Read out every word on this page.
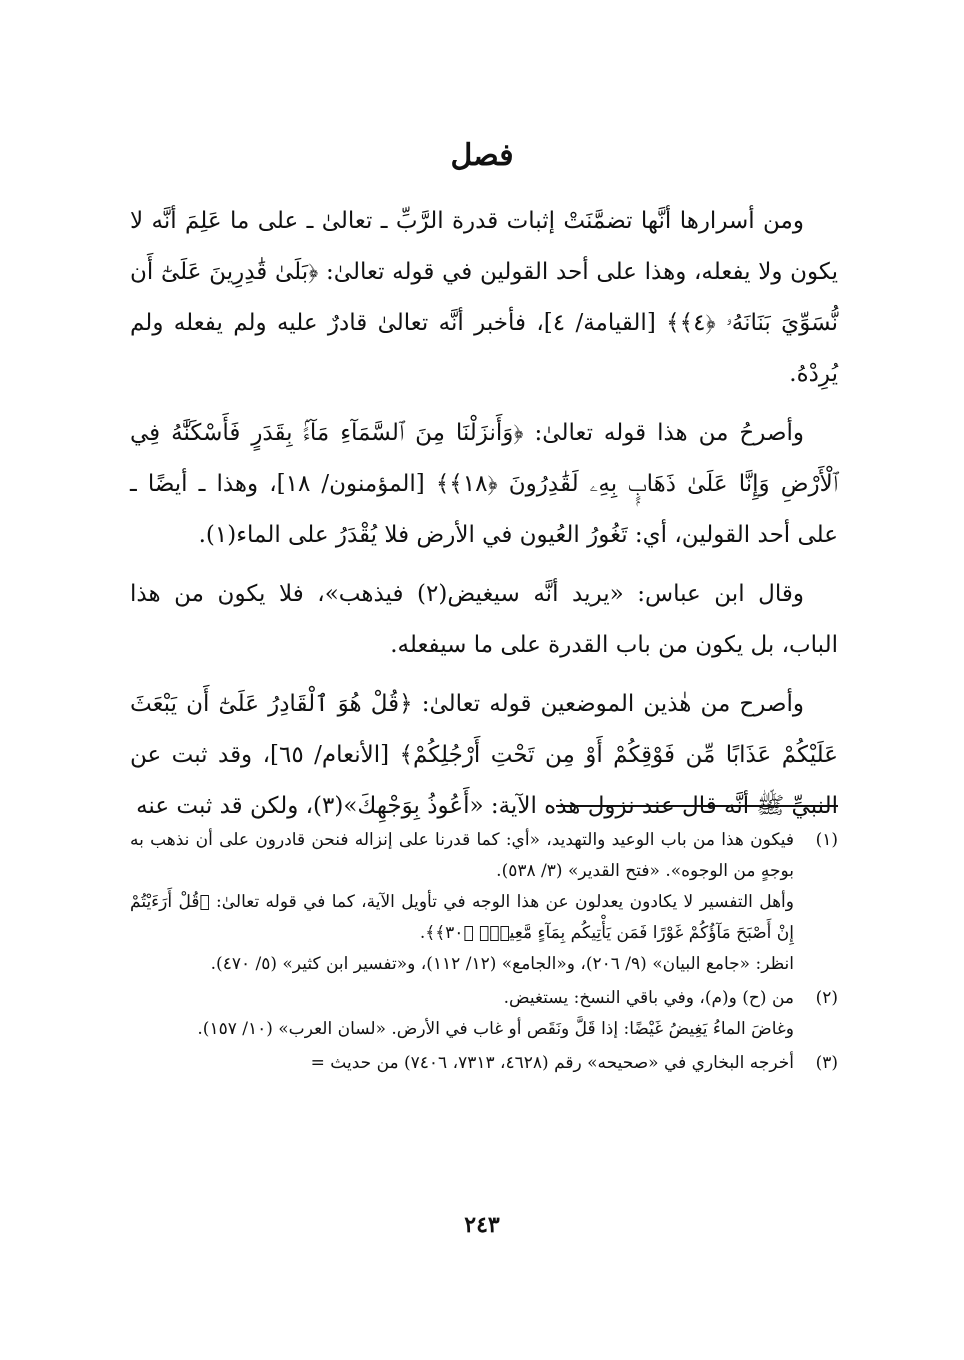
فصل

ومن أسرارها أنَّها تضمَّنَتْ إثبات قدرة الرَّبِّ ـ تعالىٰ ـ على ما عَلِمَ أنَّه لا يكون ولا يفعله، وهذا على أحد القولين في قوله تعالىٰ: ﴿بَلَىٰ قَٰدِرِينَ عَلَىٰٓ أَن نُّسَوِّيَ بَنَانَهُۥ ﴿٤﴾﴾ [القيامة/ ٤]، فأخبر أنَّه تعالىٰ قادرٌ عليه ولم يفعله ولم يُرِدْهُ.

وأصرحُ من هذا قوله تعالىٰ: ﴿وَأَنزَلْنَا مِنَ ٱلسَّمَآءِ مَآءًۢ بِقَدَرٍ فَأَسْكَنَّٰهُ فِي ٱلْأَرْضِ وَإِنَّا عَلَىٰ ذَهَابٍۭ بِهِۦ لَقَٰدِرُونَ ﴿١٨﴾﴾ [المؤمنون/ ١٨]، وهذا ـ أيضًا ـ على أحد القولين، أي: تَغُورُ العُيون في الأرض فلا يُقْدَرُ على الماء(١).

وقال ابن عباس: «يريد أنَّه سيغيض(٢) فيذهب»، فلا يكون من هذا الباب، بل يكون من باب القدرة على ما سيفعله.

وأصرح من هٰذين الموضعين قوله تعالىٰ: ﴿قُلْ هُوَ ٱلْقَادِرُ عَلَىٰٓ أَن يَبْعَثَ عَلَيْكُمْ عَذَابًا مِّن فَوْقِكُمْ أَوْ مِن تَحْتِ أَرْجُلِكُمْ﴾ [الأنعام/ ٦٥]، وقد ثبت عن النبيِّ ﷺ أنَّه قال عند نزول هذه الآية: «أَعُوذُ بِوَجْهِكَ»(٣)، ولكن قد ثبت عنه

(١)
فيكون هذا من باب الوعيد والتهديد، «أي: كما قدرنا على إنزاله فنحن قادرون على أن نذهب به بوجهٍ من الوجوه». «فتح القدير» (٣/ ٥٣٨).
وأهل التفسير لا يكادون يعدلون عن هذا الوجه في تأويل الآية، كما في قوله تعالىٰ: ﴿قُلْ أَرَءَيْتُمْ إِنْ أَصْبَحَ مَآؤُكُمْ غَوْرًا فَمَن يَأْتِيكُم بِمَآءٍ مَّعِينٍۭ ﴿٣٠﴾﴾.
انظر: «جامع البيان» (٩/ ٢٠٦)، و«الجامع» (١٢/ ١١٢)، و«تفسير ابن كثير» (٥/ ٤٧٠).
(٢)
من (ح) و(م)، وفي باقي النسخ: يستغيض.
وغاضَ الماءُ يَغِيضُ غَيْضًا: إذا قَلَّ ونَقَص أو غاب في الأرض. «لسان العرب» (١٠/ ١٥٧).
(٣)
أخرجه البخاري في «صحيحه» رقم (٤٦٢٨، ٧٣١٣، ٧٤٠٦) من حديث =
٢٤٣
